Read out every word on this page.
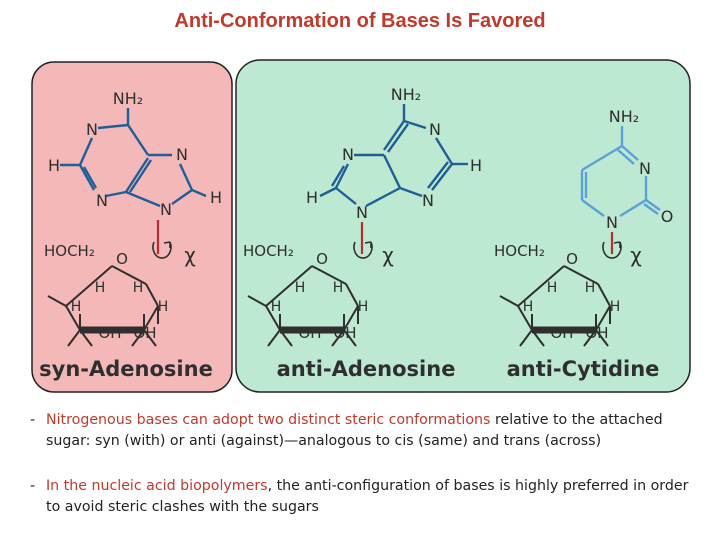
Anti-Conformation of Bases Is Favored
NH₂
N
H
N
N
H
N
χ
HOCH₂ O
H
H H
H
OH OH
syn-Adenosine
NH₂
N
H
N
N
H
N
χ
HOCH₂ O
H
H H
H
OH OH
anti-Adenosine
NH₂
N
O
N
χ
HOCH₂ O
H
H H
H
OH OH
anti-Cytidine
- Nitrogenous bases can adopt two distinct steric conformations relative to the attached sugar: syn (with) or anti (against)—analogous to cis (same) and trans (across)
- In the nucleic acid biopolymers, the anti-configuration of bases is highly preferred in order to avoid steric clashes with the sugars
